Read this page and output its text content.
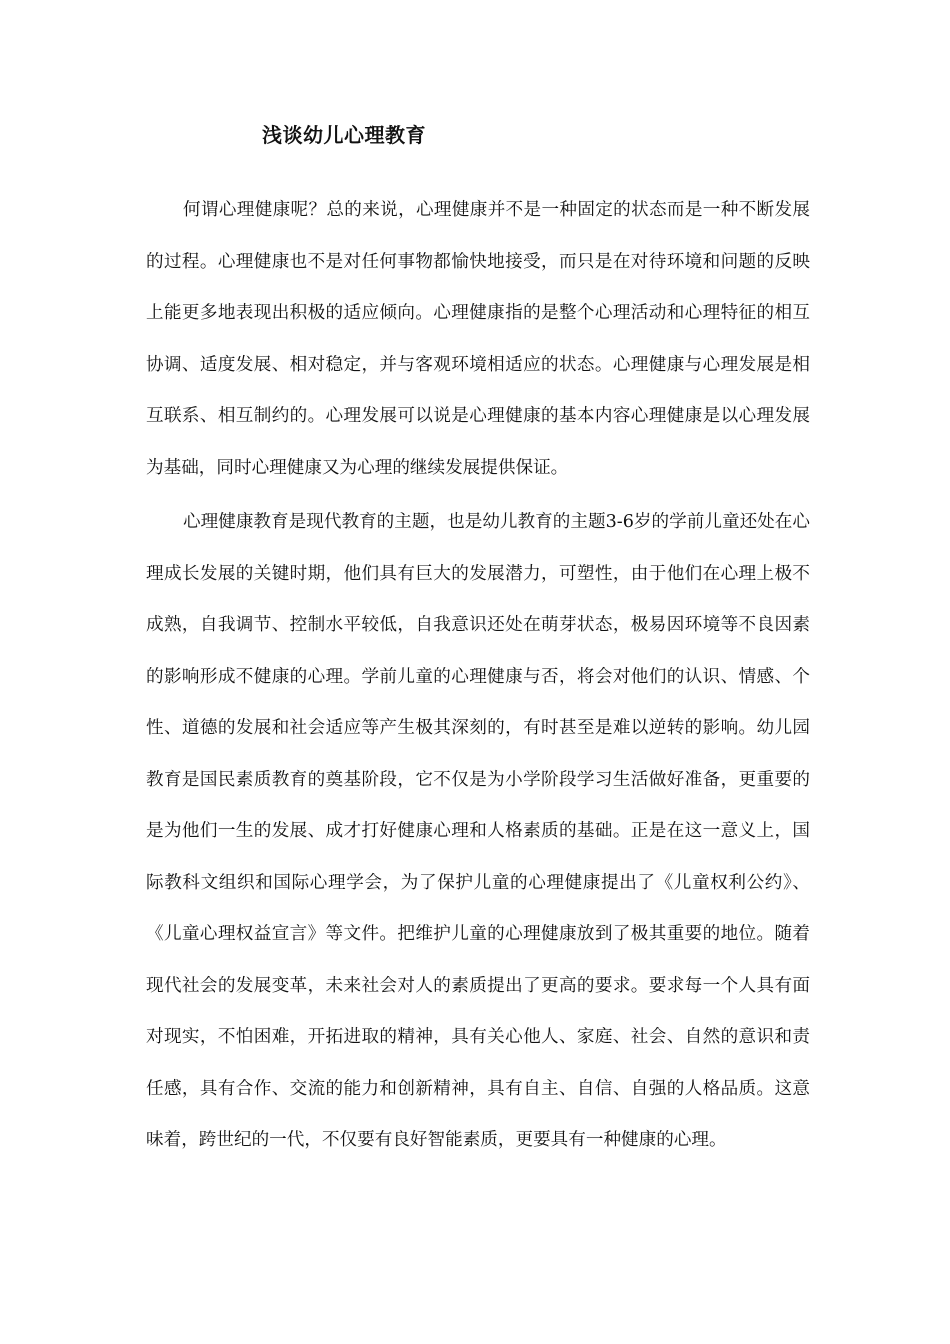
浅谈幼儿心理教育

何谓心理健康呢？总的来说，心理健康并不是一种固定的状态而是一种不断发展的过程。心理健康也不是对任何事物都愉快地接受，而只是在对待环境和问题的反映上能更多地表现出积极的适应倾向。心理健康指的是整个心理活动和心理特征的相互协调、适度发展、相对稳定，并与客观环境相适应的状态。心理健康与心理发展是相互联系、相互制约的。心理发展可以说是心理健康的基本内容心理健康是以心理发展为基础，同时心理健康又为心理的继续发展提供保证。

心理健康教育是现代教育的主题，也是幼儿教育的主题3-6岁的学前儿童还处在心理成长发展的关键时期，他们具有巨大的发展潜力，可塑性，由于他们在心理上极不成熟，自我调节、控制水平较低，自我意识还处在萌芽状态，极易因环境等不良因素的影响形成不健康的心理。学前儿童的心理健康与否，将会对他们的认识、情感、个性、道德的发展和社会适应等产生极其深刻的，有时甚至是难以逆转的影响。幼儿园教育是国民素质教育的奠基阶段，它不仅是为小学阶段学习生活做好准备，更重要的是为他们一生的发展、成才打好健康心理和人格素质的基础。正是在这一意义上，国际教科文组织和国际心理学会，为了保护儿童的心理健康提出了《儿童权利公约》、《儿童心理权益宣言》等文件。把维护儿童的心理健康放到了极其重要的地位。随着现代社会的发展变革，未来社会对人的素质提出了更高的要求。要求每一个人具有面对现实，不怕困难，开拓进取的精神，具有关心他人、家庭、社会、自然的意识和责任感，具有合作、交流的能力和创新精神，具有自主、自信、自强的人格品质。这意味着，跨世纪的一代，不仅要有良好智能素质，更要具有一种健康的心理。
